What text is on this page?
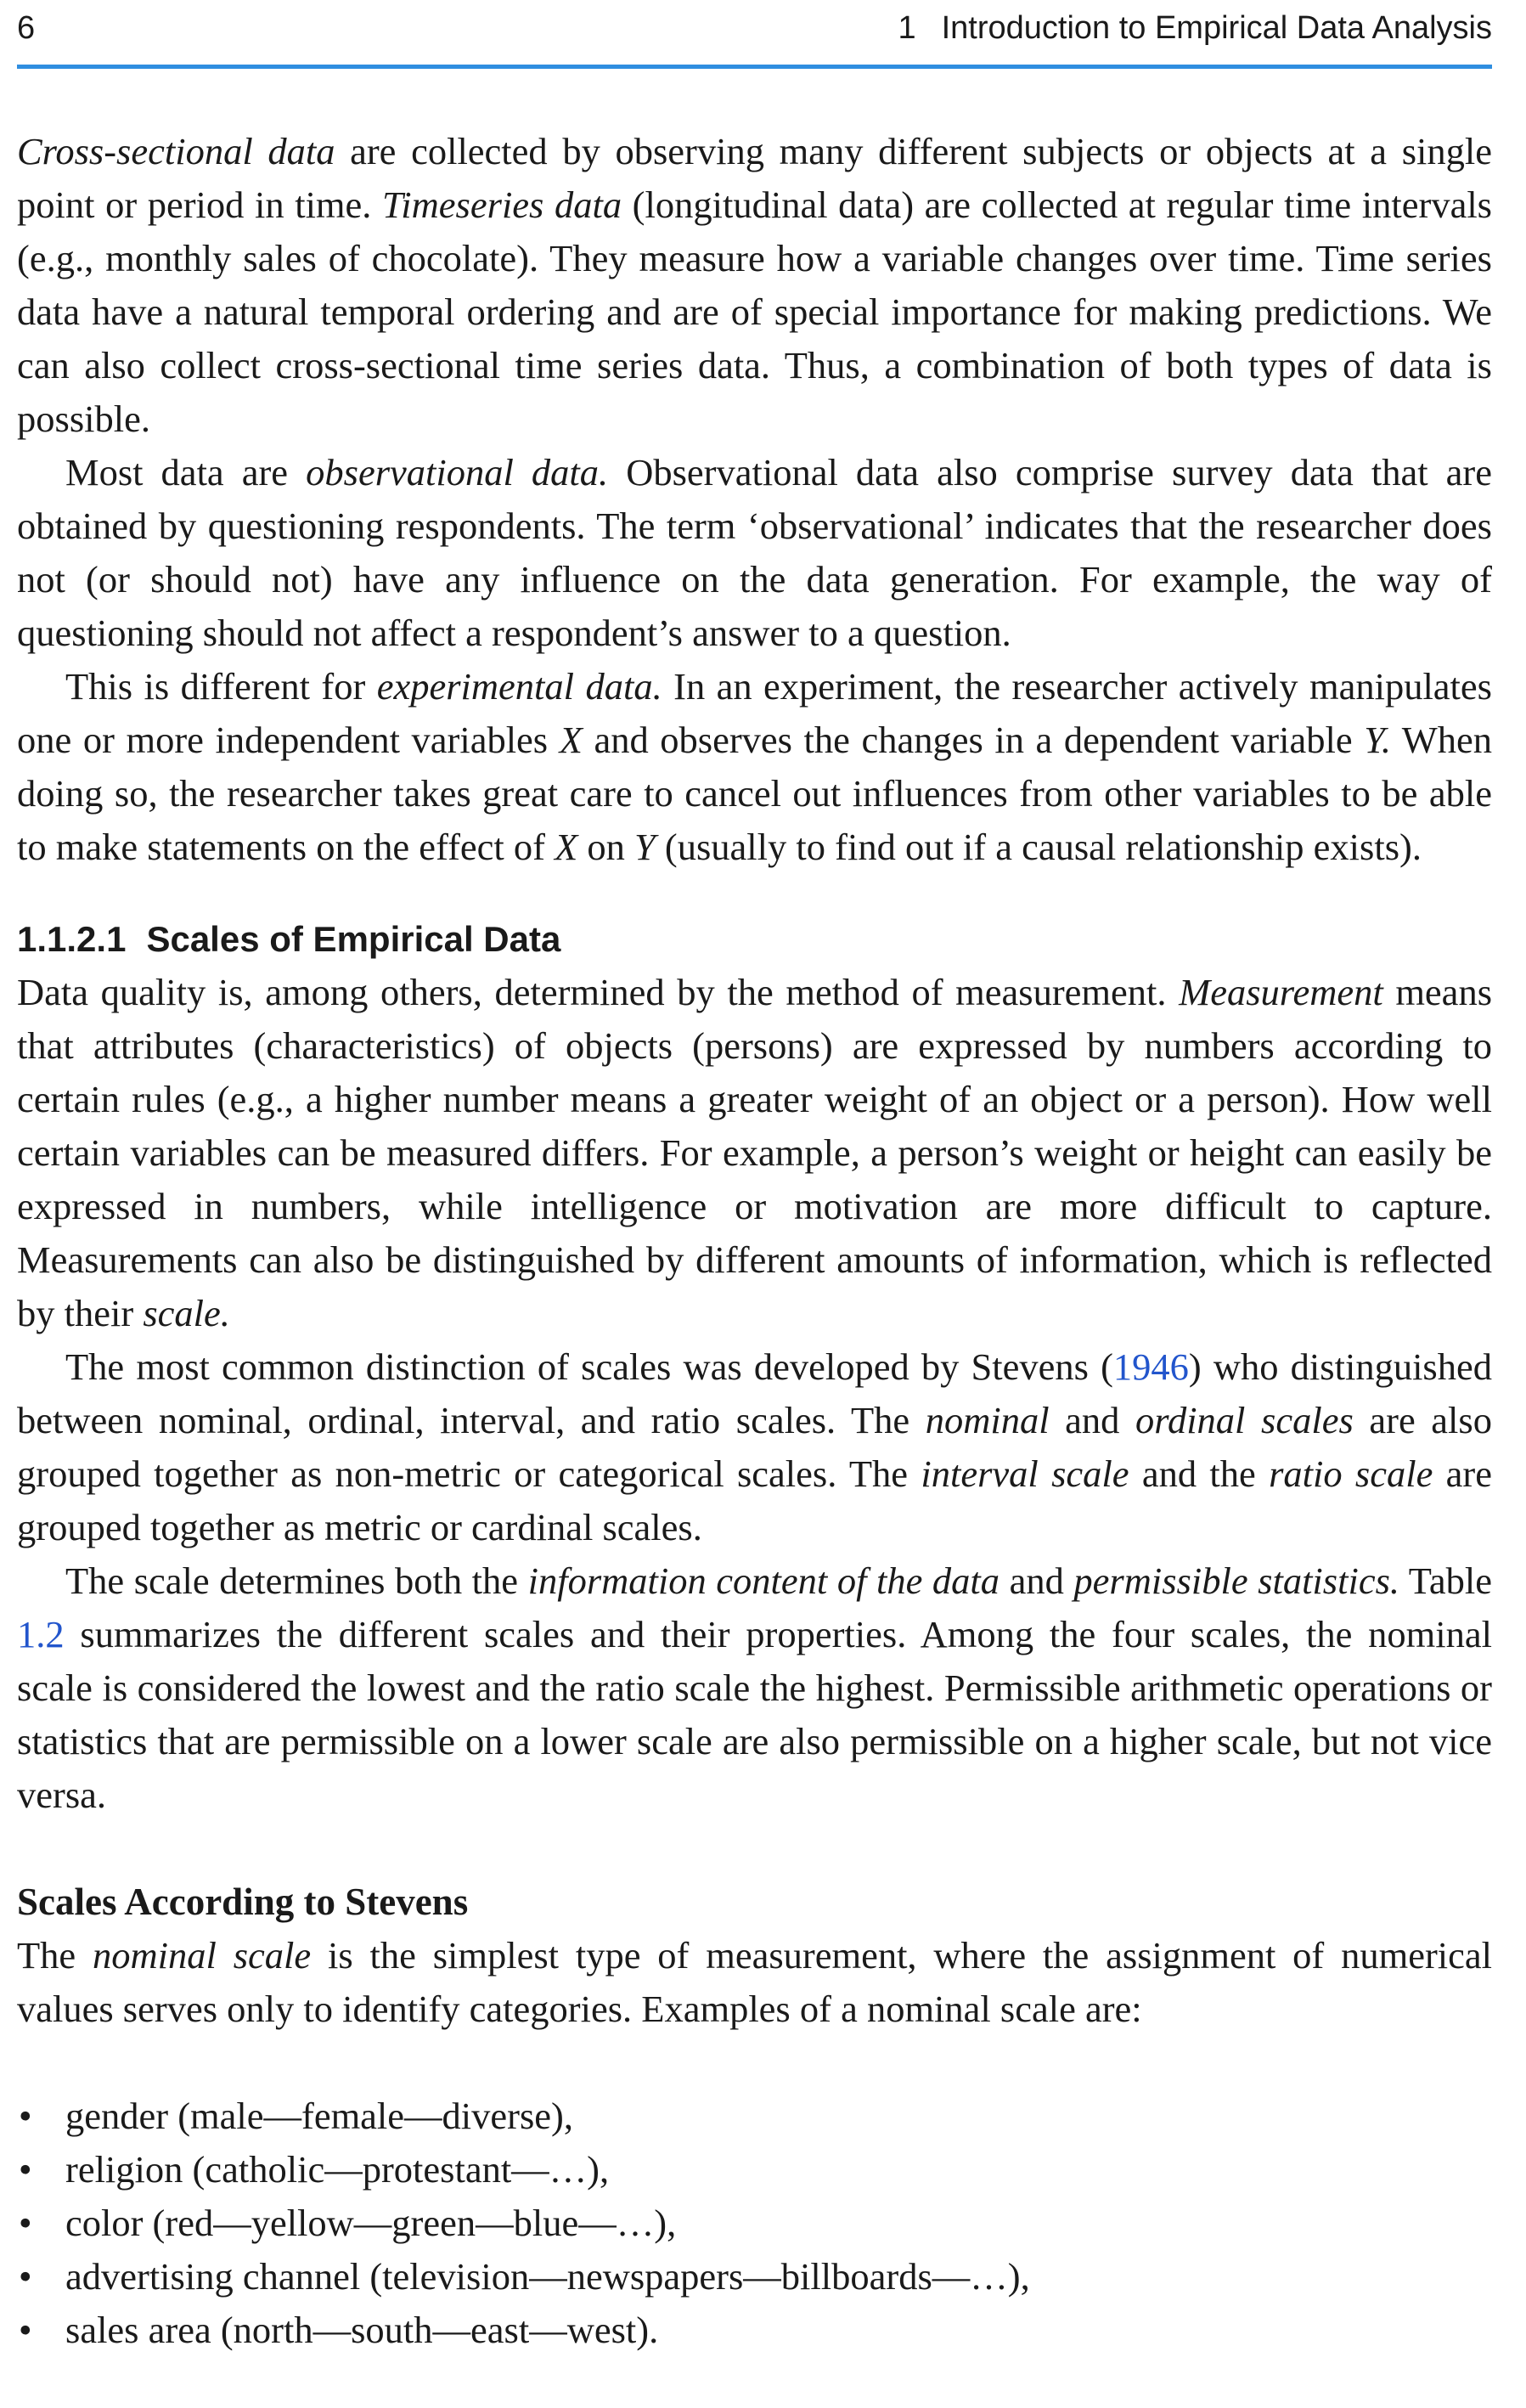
6	1 Introduction to Empirical Data Analysis

Cross-sectional data are collected by observing many different subjects or objects at a single point or period in time. Timeseries data (longitudinal data) are collected at regular time intervals (e.g., monthly sales of chocolate). They measure how a variable changes over time. Time series data have a natural temporal ordering and are of special importance for making predictions. We can also collect cross-sectional time series data. Thus, a combination of both types of data is possible.

Most data are observational data. Observational data also comprise survey data that are obtained by questioning respondents. The term ‘observational’ indicates that the researcher does not (or should not) have any influence on the data generation. For example, the way of questioning should not affect a respondent’s answer to a question.

This is different for experimental data. In an experiment, the researcher actively manipulates one or more independent variables X and observes the changes in a dependent variable Y. When doing so, the researcher takes great care to cancel out influences from other variables to be able to make statements on the effect of X on Y (usually to find out if a causal relationship exists).

1.1.2.1 Scales of Empirical Data

Data quality is, among others, determined by the method of measurement. Measurement means that attributes (characteristics) of objects (persons) are expressed by numbers according to certain rules (e.g., a higher number means a greater weight of an object or a person). How well certain variables can be measured differs. For example, a person’s weight or height can easily be expressed in numbers, while intelligence or motivation are more difficult to capture. Measurements can also be distinguished by different amounts of information, which is reflected by their scale.

The most common distinction of scales was developed by Stevens (1946) who distinguished between nominal, ordinal, interval, and ratio scales. The nominal and ordinal scales are also grouped together as non-metric or categorical scales. The interval scale and the ratio scale are grouped together as metric or cardinal scales.

The scale determines both the information content of the data and permissible statistics. Table 1.2 summarizes the different scales and their properties. Among the four scales, the nominal scale is considered the lowest and the ratio scale the highest. Permissible arithmetic operations or statistics that are permissible on a lower scale are also permissible on a higher scale, but not vice versa.

Scales According to Stevens

The nominal scale is the simplest type of measurement, where the assignment of numerical values serves only to identify categories. Examples of a nominal scale are:

• gender (male—female—diverse),
• religion (catholic—protestant—…),
• color (red—yellow—green—blue—…),
• advertising channel (television—newspapers—billboards—…),
• sales area (north—south—east—west).
